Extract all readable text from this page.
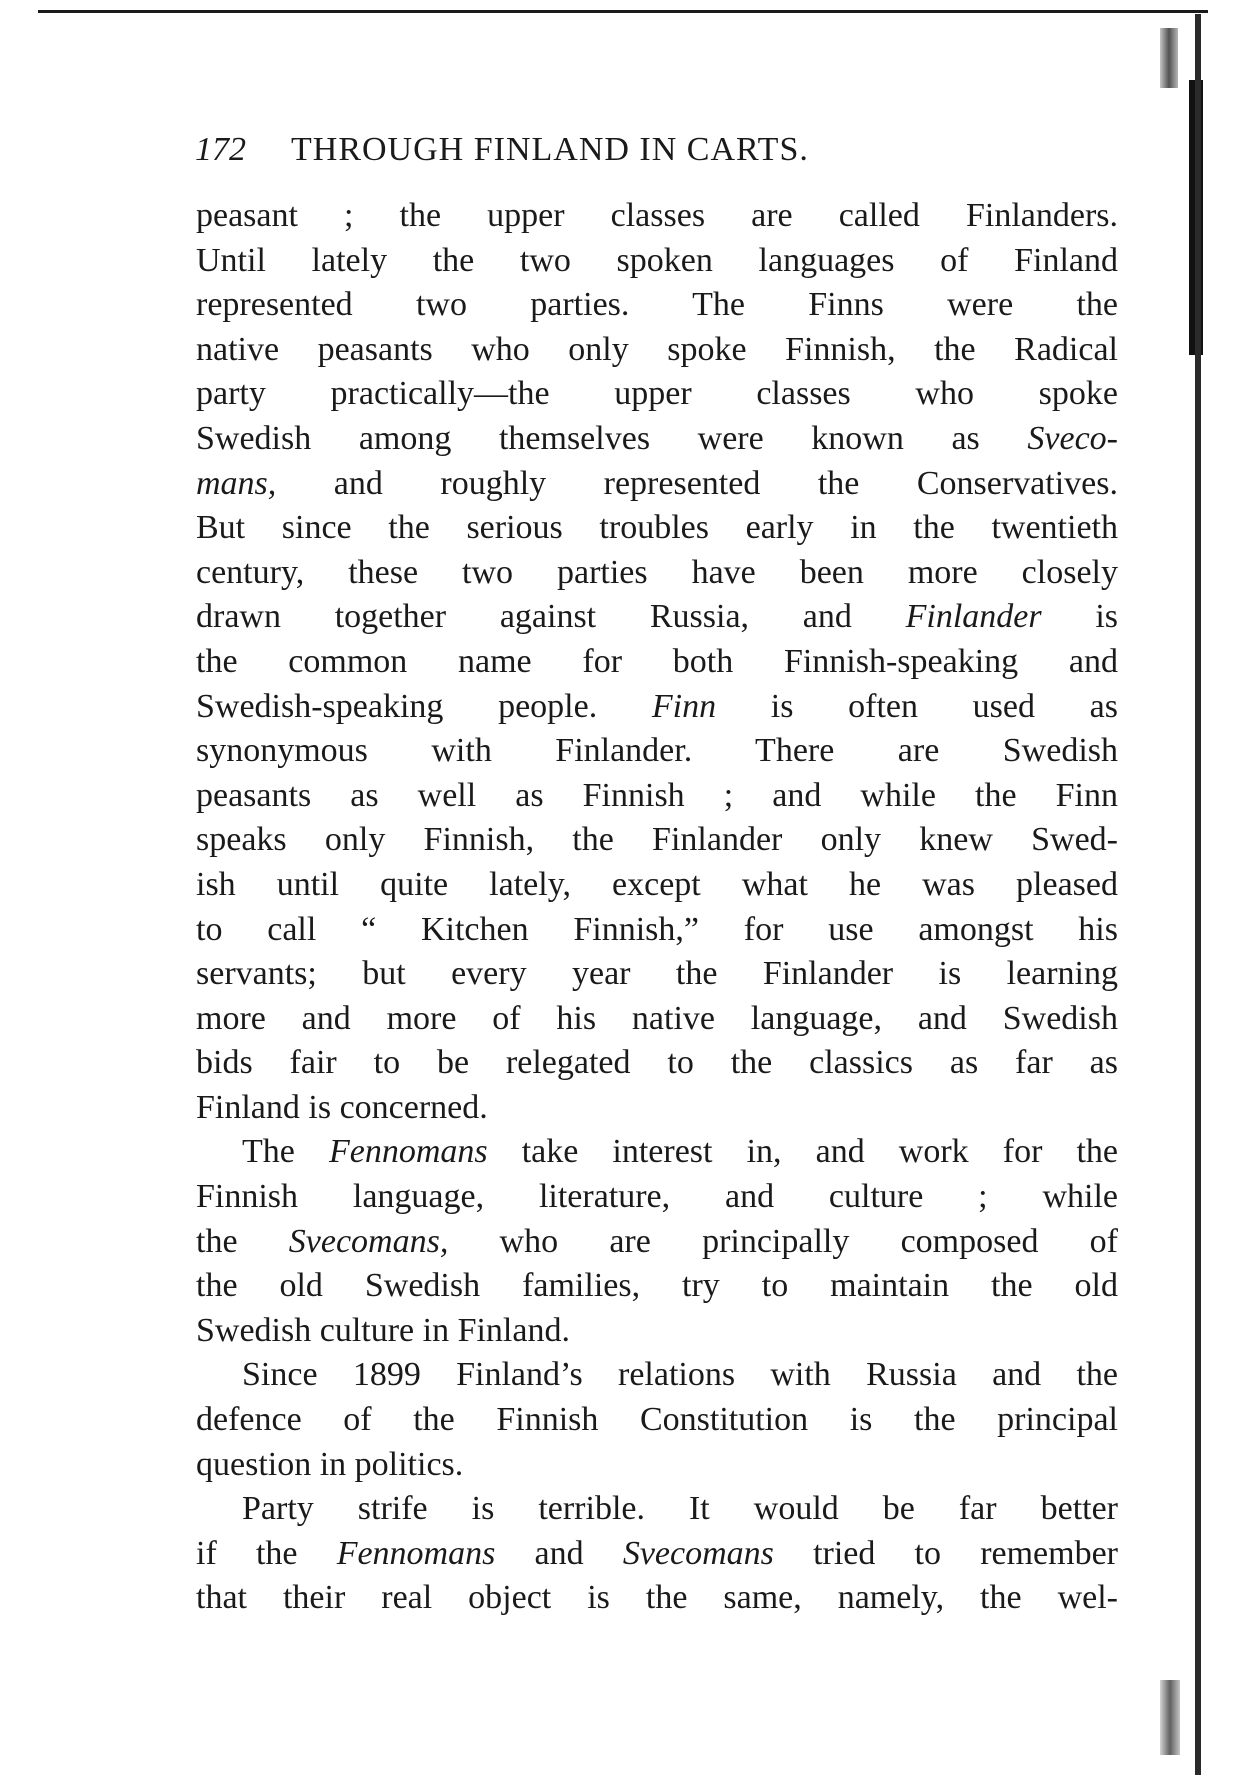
172 THROUGH FINLAND IN CARTS.
peasant ; the upper classes are called Finlanders.
Until lately the two spoken languages of Finland
represented two parties. The Finns were the
native peasants who only spoke Finnish, the Radical
party practically—the upper classes who spoke
Swedish among themselves were known as Sveco-
mans, and roughly represented the Conservatives.
But since the serious troubles early in the twentieth
century, these two parties have been more closely
drawn together against Russia, and Finlander is
the common name for both Finnish-speaking and
Swedish-speaking people. Finn is often used as
synonymous with Finlander. There are Swedish
peasants as well as Finnish ; and while the Finn
speaks only Finnish, the Finlander only knew Swed-
ish until quite lately, except what he was pleased
to call “ Kitchen Finnish,” for use amongst his
servants; but every year the Finlander is learning
more and more of his native language, and Swedish
bids fair to be relegated to the classics as far as
Finland is concerned.
The Fennomans take interest in, and work for the
Finnish language, literature, and culture ; while
the Svecomans, who are principally composed of
the old Swedish families, try to maintain the old
Swedish culture in Finland.
Since 1899 Finland’s relations with Russia and the
defence of the Finnish Constitution is the principal
question in politics.
Party strife is terrible. It would be far better
if the Fennomans and Svecomans tried to remember
that their real object is the same, namely, the wel-
